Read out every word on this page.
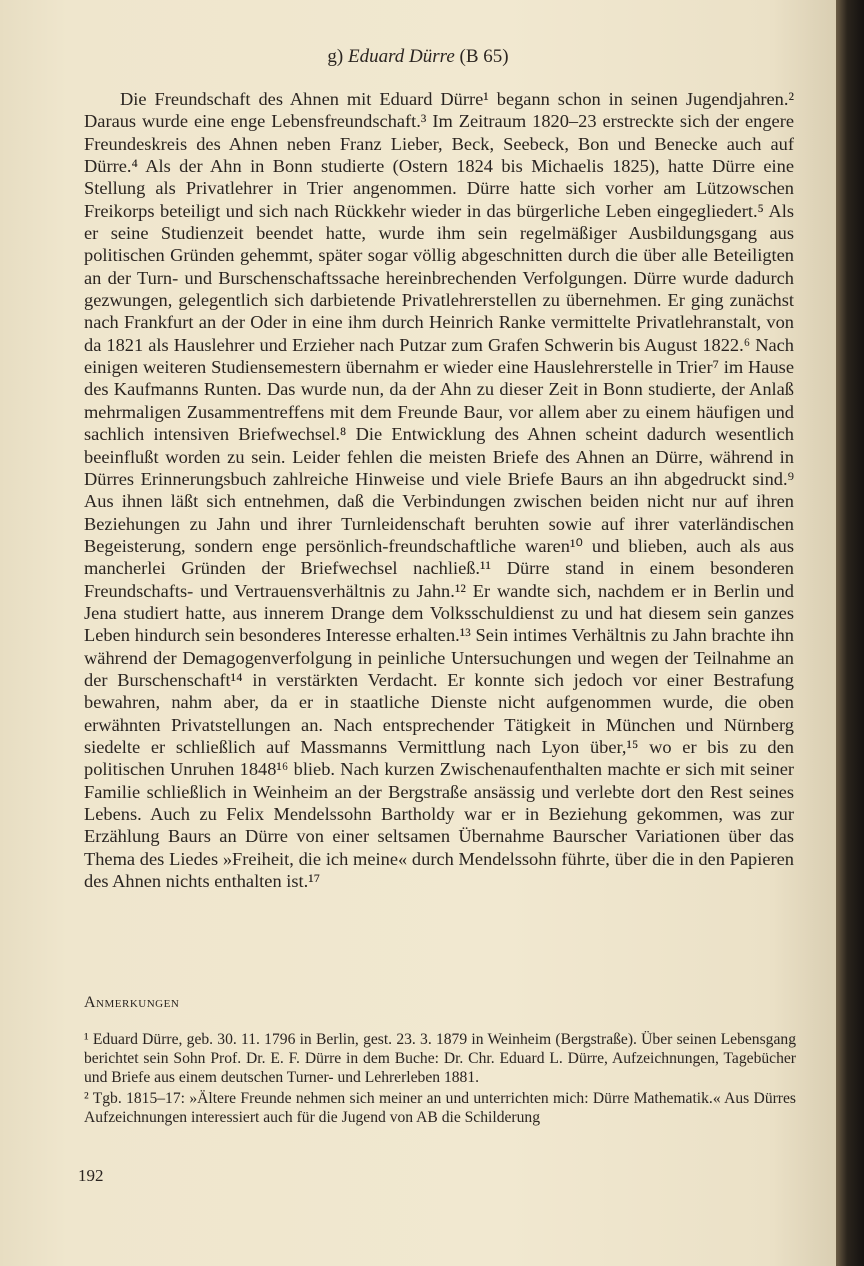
g) Eduard Dürre (B 65)

Die Freundschaft des Ahnen mit Eduard Dürre¹ begann schon in seinen Jugendjahren.² Daraus wurde eine enge Lebensfreundschaft.³ Im Zeitraum 1820–23 erstreckte sich der engere Freundeskreis des Ahnen neben Franz Lieber, Beck, Seebeck, Bon und Benecke auch auf Dürre.⁴ Als der Ahn in Bonn studierte (Ostern 1824 bis Michaelis 1825), hatte Dürre eine Stellung als Privatlehrer in Trier angenommen. Dürre hatte sich vorher am Lützowschen Freikorps beteiligt und sich nach Rückkehr wieder in das bürgerliche Leben eingegliedert.⁵ Als er seine Studienzeit beendet hatte, wurde ihm sein regelmäßiger Ausbildungsgang aus politischen Gründen gehemmt, später sogar völlig abgeschnitten durch die über alle Beteiligten an der Turn- und Burschenschaftssache hereinbrechenden Verfolgungen. Dürre wurde dadurch gezwungen, gelegentlich sich darbietende Privatlehrerstellen zu übernehmen. Er ging zunächst nach Frankfurt an der Oder in eine ihm durch Heinrich Ranke vermittelte Privatlehranstalt, von da 1821 als Hauslehrer und Erzieher nach Putzar zum Grafen Schwerin bis August 1822.⁶ Nach einigen weiteren Studiensemestern übernahm er wieder eine Hauslehrerstelle in Trier⁷ im Hause des Kaufmanns Runten. Das wurde nun, da der Ahn zu dieser Zeit in Bonn studierte, der Anlaß mehrmaligen Zusammentreffens mit dem Freunde Baur, vor allem aber zu einem häufigen und sachlich intensiven Briefwechsel.⁸ Die Entwicklung des Ahnen scheint dadurch wesentlich beeinflußt worden zu sein. Leider fehlen die meisten Briefe des Ahnen an Dürre, während in Dürres Erinnerungsbuch zahlreiche Hinweise und viele Briefe Baurs an ihn abgedruckt sind.⁹ Aus ihnen läßt sich entnehmen, daß die Verbindungen zwischen beiden nicht nur auf ihren Beziehungen zu Jahn und ihrer Turnleidenschaft beruhten sowie auf ihrer vaterländischen Begeisterung, sondern enge persönlich-freundschaftliche waren¹⁰ und blieben, auch als aus mancherlei Gründen der Briefwechsel nachließ.¹¹ Dürre stand in einem besonderen Freundschafts- und Vertrauensverhältnis zu Jahn.¹² Er wandte sich, nachdem er in Berlin und Jena studiert hatte, aus innerem Drange dem Volksschuldienst zu und hat diesem sein ganzes Leben hindurch sein besonderes Interesse erhalten.¹³ Sein intimes Verhältnis zu Jahn brachte ihn während der Demagogenverfolgung in peinliche Untersuchungen und wegen der Teilnahme an der Burschenschaft¹⁴ in verstärkten Verdacht. Er konnte sich jedoch vor einer Bestrafung bewahren, nahm aber, da er in staatliche Dienste nicht aufgenommen wurde, die oben erwähnten Privatstellungen an. Nach entsprechender Tätigkeit in München und Nürnberg siedelte er schließlich auf Massmanns Vermittlung nach Lyon über,¹⁵ wo er bis zu den politischen Unruhen 1848¹⁶ blieb. Nach kurzen Zwischenaufenthalten machte er sich mit seiner Familie schließlich in Weinheim an der Bergstraße ansässig und verlebte dort den Rest seines Lebens. Auch zu Felix Mendelssohn Bartholdy war er in Beziehung gekommen, was zur Erzählung Baurs an Dürre von einer seltsamen Übernahme Baurscher Variationen über das Thema des Liedes »Freiheit, die ich meine« durch Mendelssohn führte, über die in den Papieren des Ahnen nichts enthalten ist.¹⁷

Anmerkungen

¹ Eduard Dürre, geb. 30. 11. 1796 in Berlin, gest. 23. 3. 1879 in Weinheim (Bergstraße). Über seinen Lebensgang berichtet sein Sohn Prof. Dr. E. F. Dürre in dem Buche: Dr. Chr. Eduard L. Dürre, Aufzeichnungen, Tagebücher und Briefe aus einem deutschen Turner- und Lehrerleben 1881.

² Tgb. 1815–17: »Ältere Freunde nehmen sich meiner an und unterrichten mich: Dürre Mathematik.« Aus Dürres Aufzeichnungen interessiert auch für die Jugend von AB die Schilderung

192
